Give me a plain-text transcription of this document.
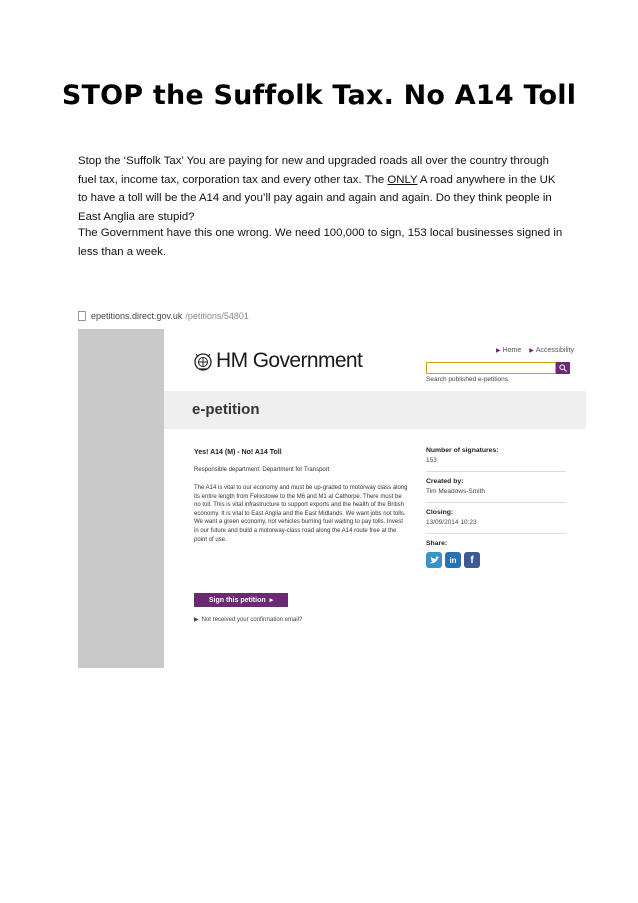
STOP the Suffolk Tax. No A14 Toll
Stop the ‘Suffolk Tax’ You are paying for new and upgraded roads all over the country through fuel tax, income tax, corporation tax and every other tax. The ONLY A road anywhere in the UK to have a toll will be the A14 and you’ll pay again and again and again. Do they think people in East Anglia are stupid?
The Government have this one wrong. We need 100,000 to sign, 153 local businesses signed in less than a week.
epetitions.direct.gov.uk /petitions/54801
HM Government	▶ Home ▶ Accessibility
Search published e-petitions
e-petition
Yes! A14 (M) - No! A14 Toll
Responsible department: Department for Transport
The A14 is vital to our economy and must be up-graded to motorway class along its entire length from Felixstowe to the M6 and M1 at Cathorpe. There must be no toll. This is vital infrastructure to support exports and the health of the British economy. It is vital to East Anglia and the East Midlands. We want jobs not tolls. We want a green economy, not vehicles burning fuel waiting to pay tolls. Invest in our future and build a motorway-class road along the A14 route free at the point of use.
Sign this petition ▸
▶ Not received your confirmation email?
Number of signatures:
153
Created by:
Tim Meadows-Smith
Closing:
13/09/2014 10:23
Share:
in	f
